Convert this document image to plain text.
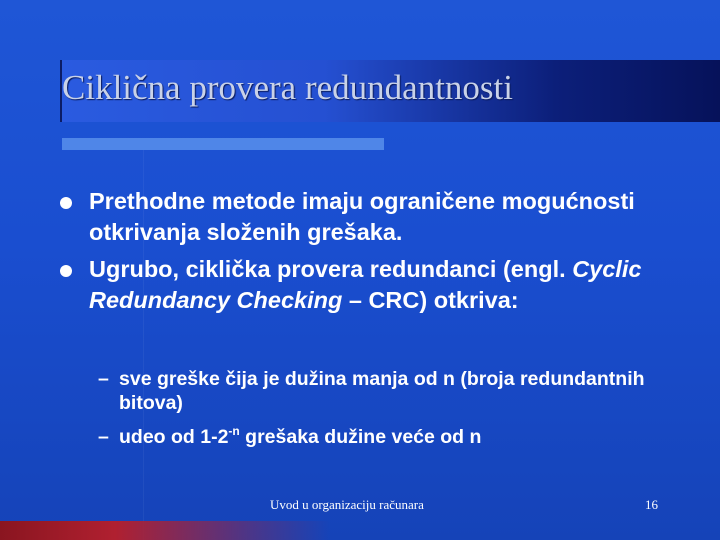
Ciklična provera redundantnosti
Prethodne metode imaju ograničene mogućnosti otkrivanja složenih grešaka.
Ugrubo, ciklička provera redundanci (engl. Cyclic Redundancy Checking – CRC) otkriva:
– sve greške čija je dužina manja od n (broja redundantnih bitova)
– udeo od $1-2^{-n}$ grešaka dužine veće od n
Uvod u organizaciju računara	16
